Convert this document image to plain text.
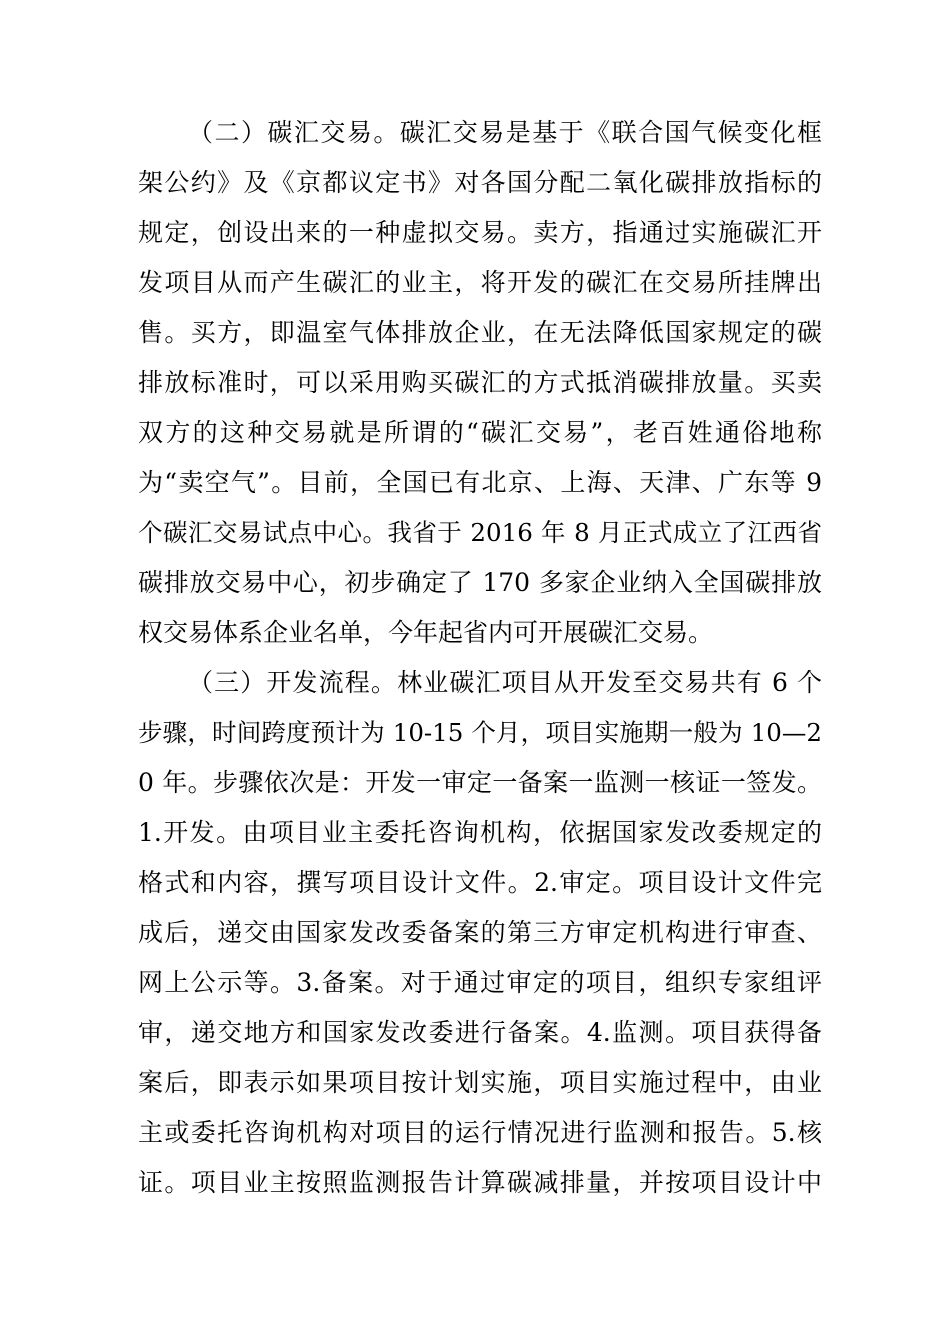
（二）碳汇交易。碳汇交易是基于《联合国气候变化框
架公约》及《京都议定书》对各国分配二氧化碳排放指标的
规定，创设出来的一种虚拟交易。卖方，指通过实施碳汇开
发项目从而产生碳汇的业主，将开发的碳汇在交易所挂牌出
售。买方，即温室气体排放企业，在无法降低国家规定的碳
排放标准时，可以采用购买碳汇的方式抵消碳排放量。买卖
双方的这种交易就是所谓的“碳汇交易”，老百姓通俗地称
为“卖空气”。目前，全国已有北京、上海、天津、广东等 9
个碳汇交易试点中心。我省于 2016 年 8 月正式成立了江西省
碳排放交易中心，初步确定了 170 多家企业纳入全国碳排放
权交易体系企业名单，今年起省内可开展碳汇交易。
（三）开发流程。林业碳汇项目从开发至交易共有 6 个
步骤，时间跨度预计为 10-15 个月，项目实施期一般为 10—2
0 年。步骤依次是：开发一审定一备案一监测一核证一签发。
1.开发。由项目业主委托咨询机构，依据国家发改委规定的
格式和内容，撰写项目设计文件。2.审定。项目设计文件完
成后，递交由国家发改委备案的第三方审定机构进行审查、
网上公示等。3.备案。对于通过审定的项目，组织专家组评
审，递交地方和国家发改委进行备案。4.监测。项目获得备
案后，即表示如果项目按计划实施，项目实施过程中，由业
主或委托咨询机构对项目的运行情况进行监测和报告。5.核
证。项目业主按照监测报告计算碳减排量，并按项目设计中
